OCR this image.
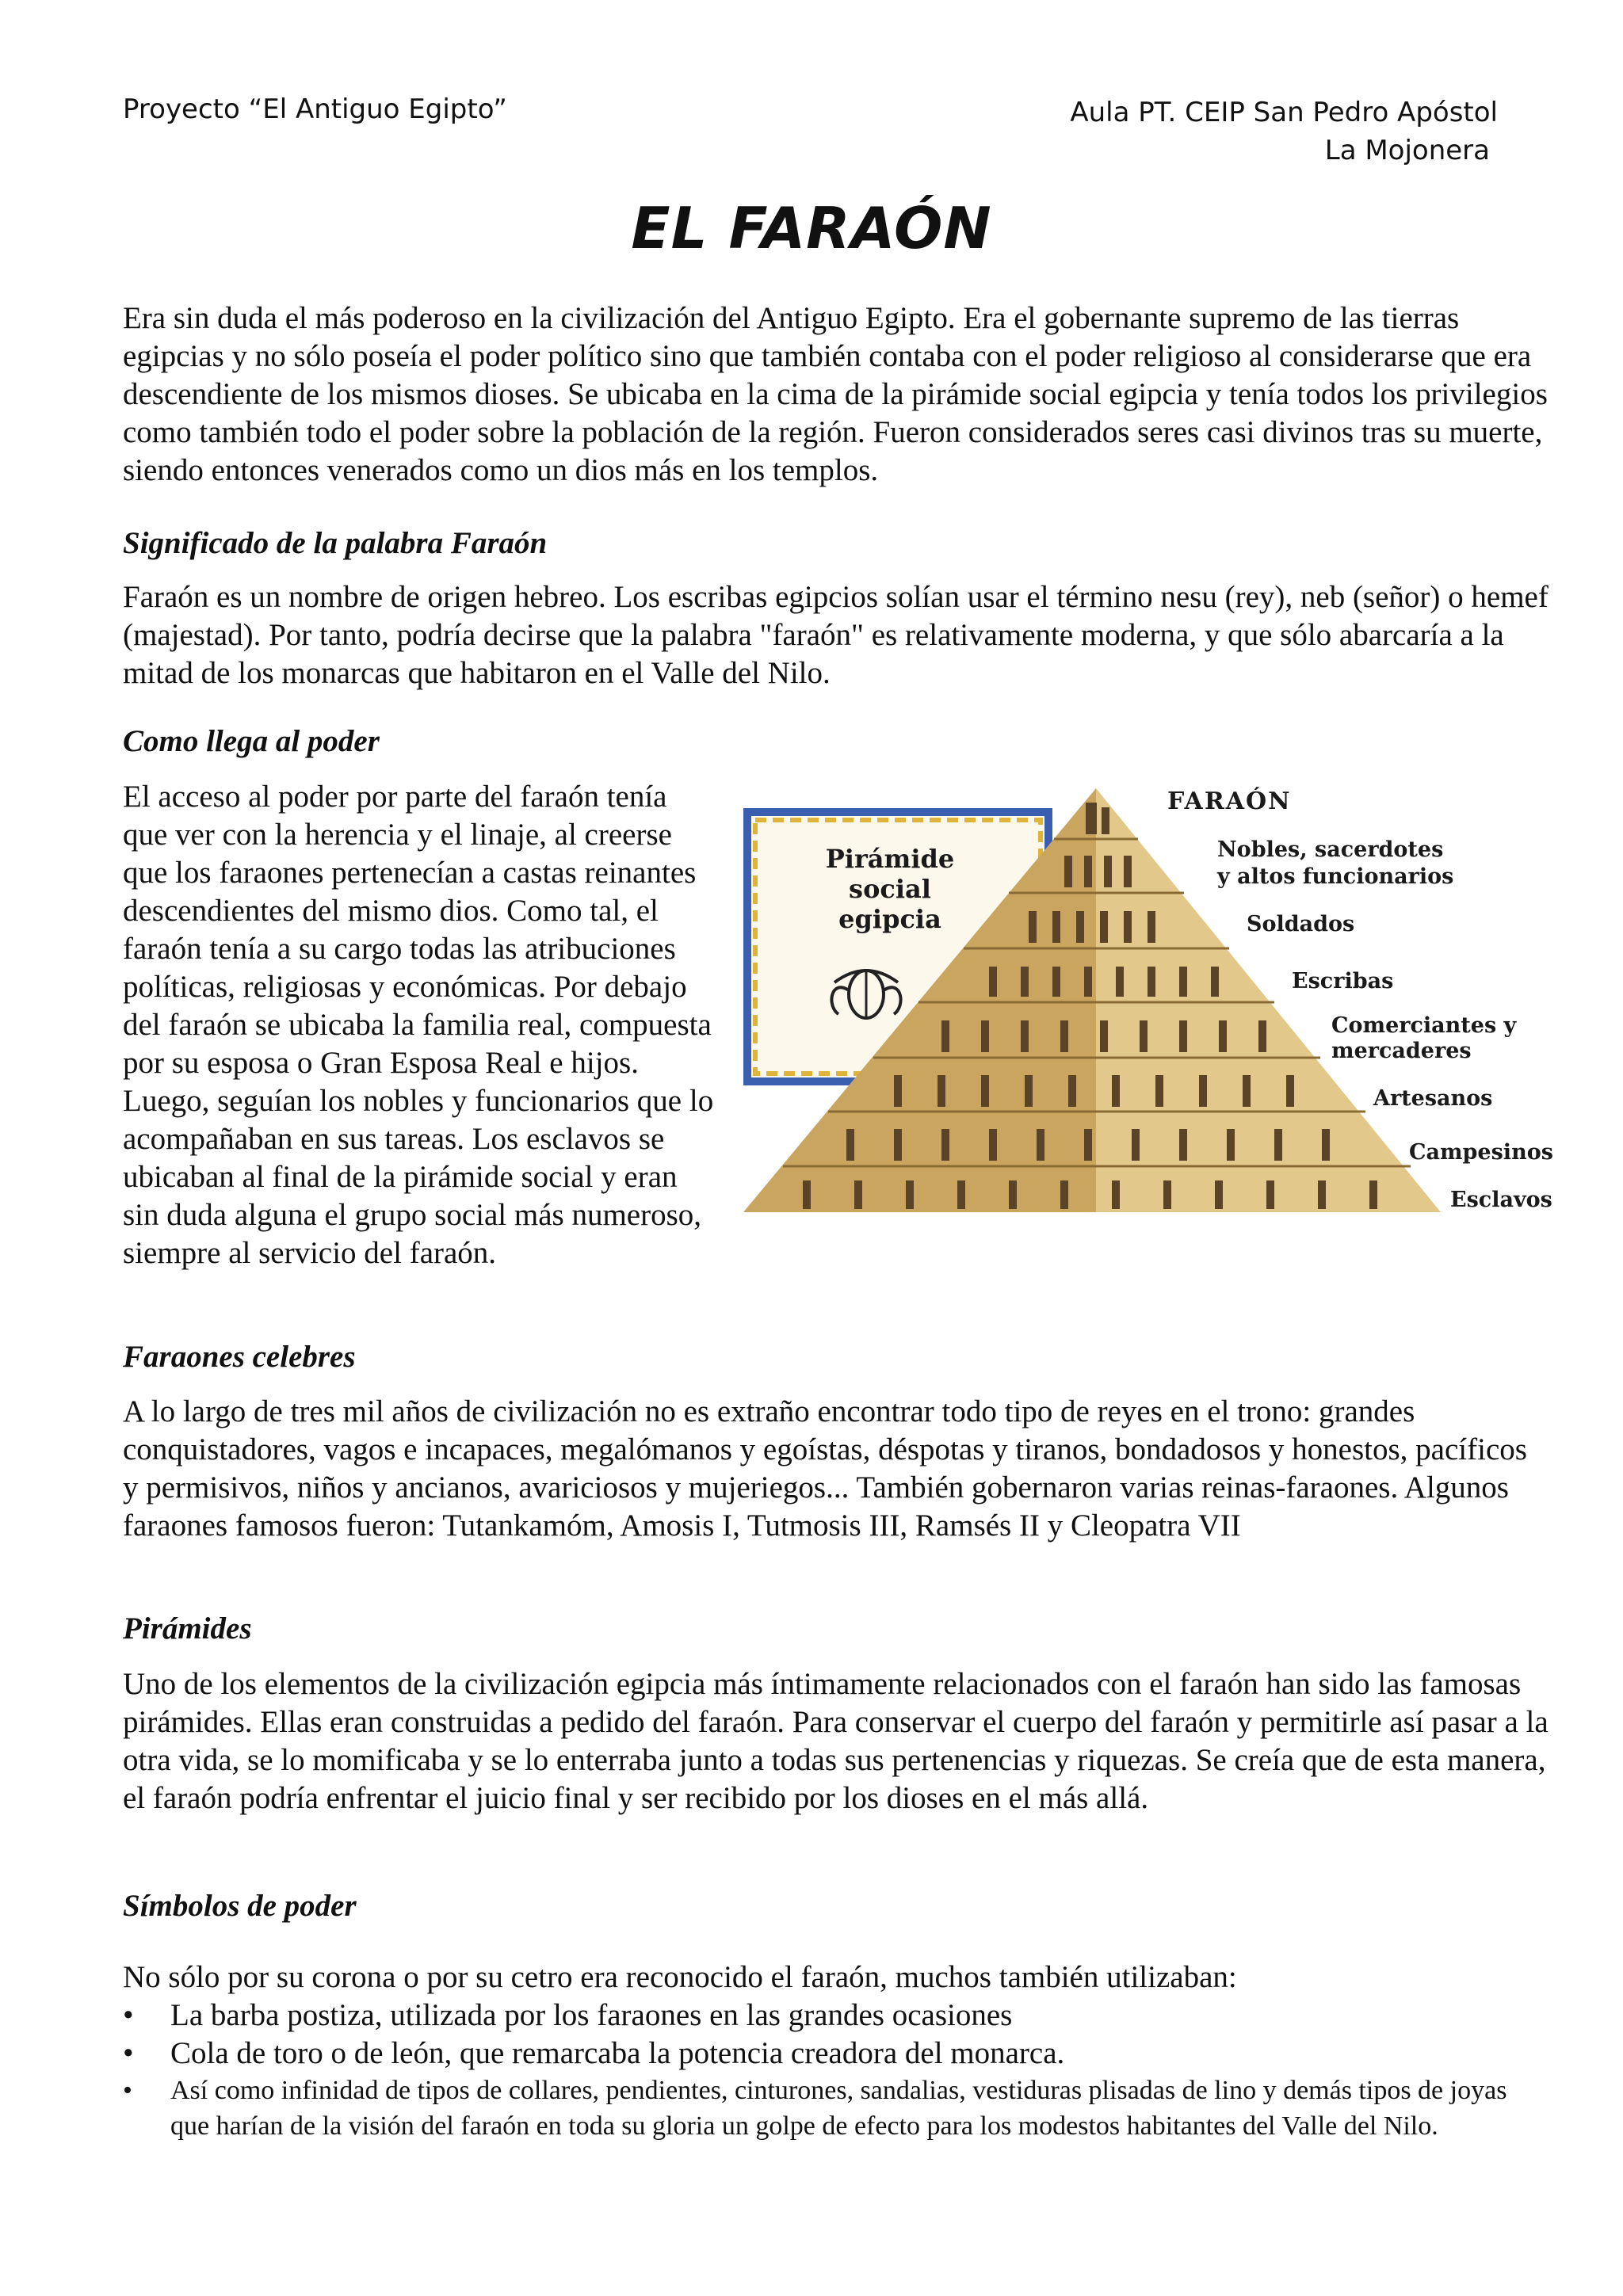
Proyecto “El Antiguo Egipto”	Aula PT. CEIP San Pedro Apóstol
La Mojonera
EL FARAÓN

Era sin duda el más poderoso en la civilización del Antiguo Egipto. Era el gobernante supremo de las tierras egipcias y no sólo poseía el poder político sino que también contaba con el poder religioso al considerarse que era descendiente de los mismos dioses. Se ubicaba en la cima de la pirámide social egipcia y tenía todos los privilegios como también todo el poder sobre la población de la región. Fueron considerados seres casi divinos tras su muerte, siendo entonces venerados como un dios más en los templos.

Significado de la palabra Faraón

Faraón es un nombre de origen hebreo. Los escribas egipcios solían usar el término nesu (rey), neb (señor) o hemef (majestad). Por tanto, podría decirse que la palabra "faraón" es relativamente moderna, y que sólo abarcaría a la mitad de los monarcas que habitaron en el Valle del Nilo.

Como llega al poder

El acceso al poder por parte del faraón tenía que ver con la herencia y el linaje, al creerse que los faraones pertenecían a castas reinantes descendientes del mismo dios. Como tal, el faraón tenía a su cargo todas las atribuciones políticas, religiosas y económicas. Por debajo del faraón se ubicaba la familia real, compuesta por su esposa o Gran Esposa Real e hijos. Luego, seguían los nobles y funcionarios que lo acompañaban en sus tareas. Los esclavos se ubicaban al final de la pirámide social y eran sin duda alguna el grupo social más numeroso, siempre al servicio del faraón.

Pirámide
social
egipcia
FARAÓN
Nobles, sacerdotes
y altos funcionarios
Soldados
Escribas
Comerciantes y
mercaderes
Artesanos
Campesinos
Esclavos
Faraones celebres

A lo largo de tres mil años de civilización no es extraño encontrar todo tipo de reyes en el trono: grandes conquistadores, vagos e incapaces, megalómanos y egoístas, déspotas y tiranos, bondadosos y honestos, pacíficos y permisivos, niños y ancianos, avariciosos y mujeriegos... También gobernaron varias reinas-faraones. Algunos faraones famosos fueron: Tutankamóm, Amosis I, Tutmosis III, Ramsés II y Cleopatra VII

Pirámides

Uno de los elementos de la civilización egipcia más íntimamente relacionados con el faraón han sido las famosas pirámides. Ellas eran construidas a pedido del faraón. Para conservar el cuerpo del faraón y permitirle así pasar a la otra vida, se lo momificaba y se lo enterraba junto a todas sus pertenencias y riquezas. Se creía que de esta manera, el faraón podría enfrentar el juicio final y ser recibido por los dioses en el más allá.

Símbolos de poder

No sólo por su corona o por su cetro era reconocido el faraón, muchos también utilizaban:

• La barba postiza, utilizada por los faraones en las grandes ocasiones
• Cola de toro o de león, que remarcaba la potencia creadora del monarca.
• Así como infinidad de tipos de collares, pendientes, cinturones, sandalias, vestiduras plisadas de lino y demás tipos de joyas que harían de la visión del faraón en toda su gloria un golpe de efecto para los modestos habitantes del Valle del Nilo.
